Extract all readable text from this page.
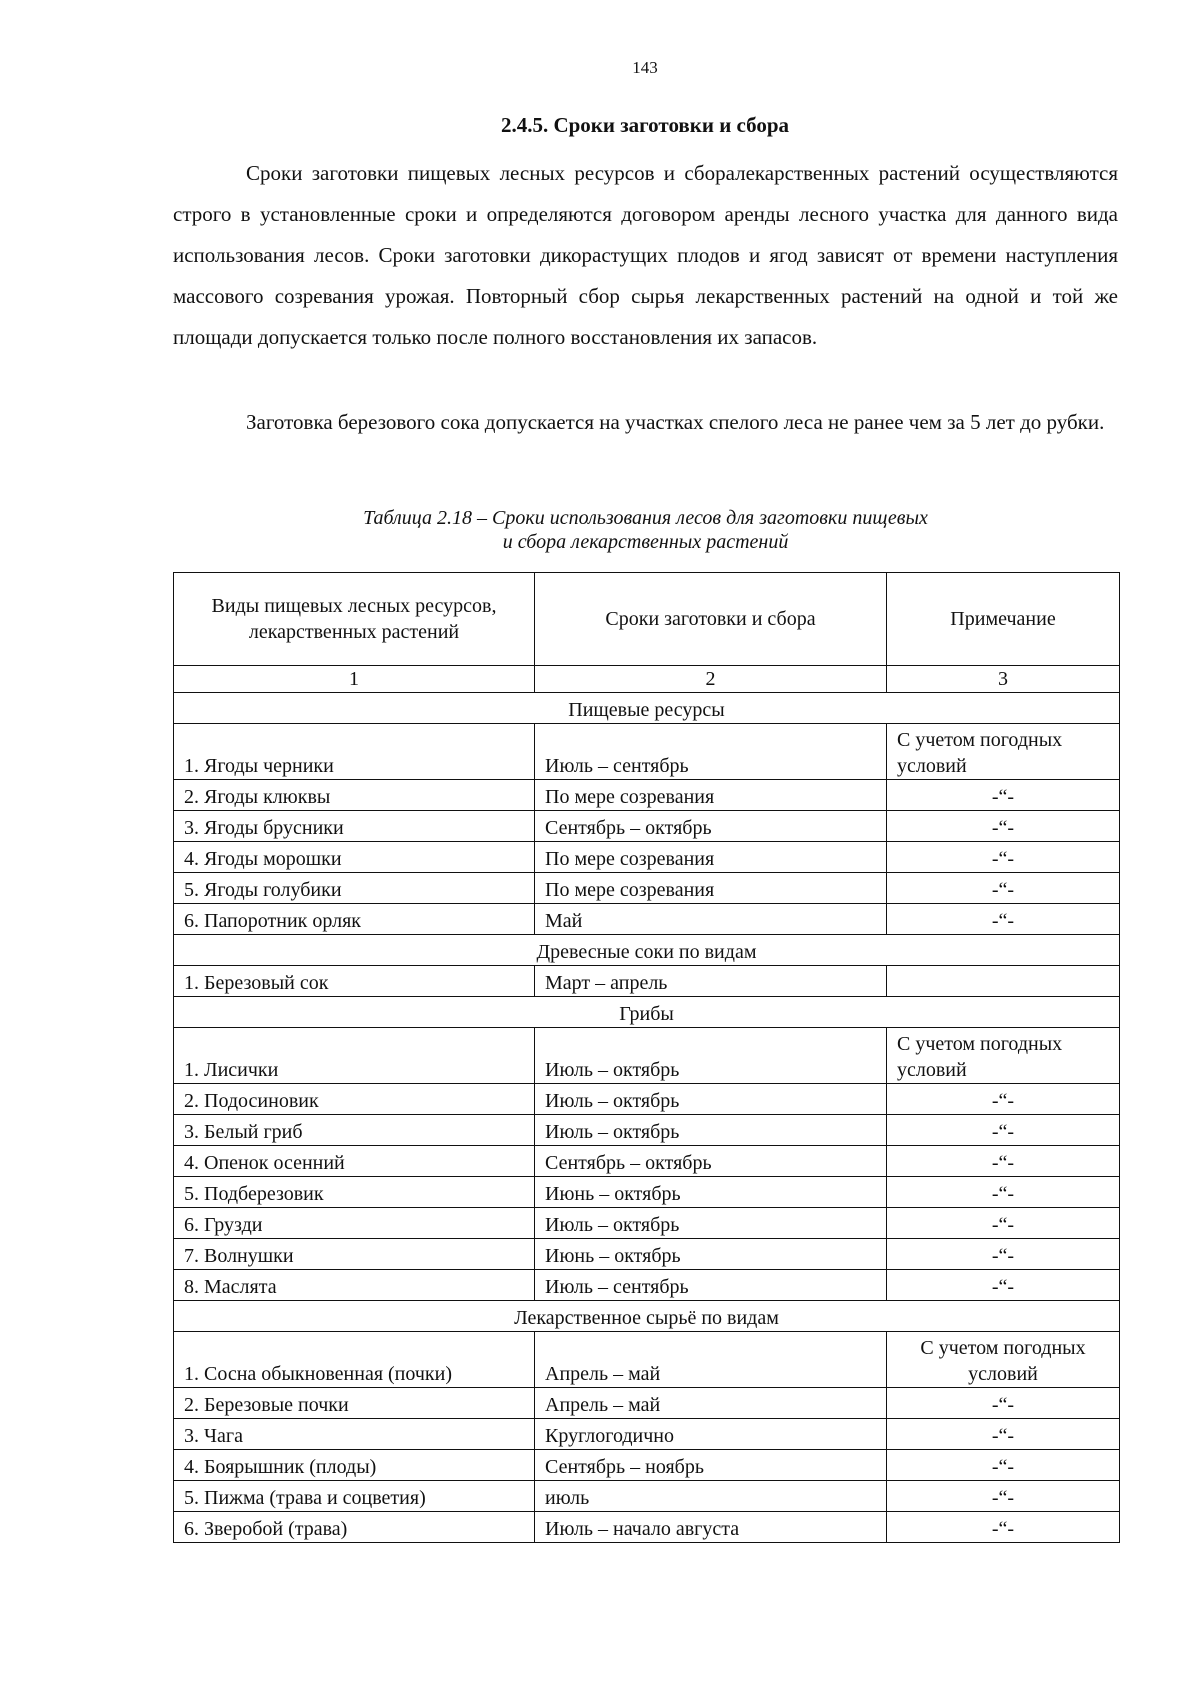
143
2.4.5. Сроки заготовки и сбора

Сроки заготовки пищевых лесных ресурсов и сборалекарственных растений осуществляются строго в установленные сроки и определяются договором аренды лесного участка для данного вида использования лесов. Сроки заготовки дикорастущих плодов и ягод зависят от времени наступления массового созревания урожая. Повторный сбор сырья лекарственных растений на одной и той же площади допускается только после полного восстановления их запасов.

Заготовка березового сока допускается на участках спелого леса не ранее чем за 5 лет до рубки.

Таблица 2.18 – Сроки использования лесов для заготовки пищевых
и сбора лекарственных растений
Виды пищевых лесных ресурсов, лекарственных растений	Сроки заготовки и сбора	Примечание
1	2	3
Пищевые ресурсы		
1. Ягоды черники	Июль – сентябрь	С учетом погодных условий
2. Ягоды клюквы	По мере созревания	-“-
3. Ягоды брусники	Сентябрь – октябрь	-“-
4. Ягоды морошки	По мере созревания	-“-
5. Ягоды голубики	По мере созревания	-“-
6. Папоротник орляк	Май	-“-
Древесные соки по видам		
1. Березовый сок	Март – апрель	
Грибы		
1. Лисички	Июль – октябрь	С учетом погодных условий
2. Подосиновик	Июль – октябрь	-“-
3. Белый гриб	Июль – октябрь	-“-
4. Опенок осенний	Сентябрь – октябрь	-“-
5. Подберезовик	Июнь – октябрь	-“-
6. Грузди	Июль – октябрь	-“-
7. Волнушки	Июнь – октябрь	-“-
8. Маслята	Июль – сентябрь	-“-
Лекарственное сырьё по видам		
1. Сосна обыкновенная (почки)	Апрель – май	С учетом погодных условий
2. Березовые почки	Апрель – май	-“-
3. Чага	Круглогодично	-“-
4. Боярышник (плоды)	Сентябрь – ноябрь	-“-
5. Пижма (трава и соцветия)	июль	-“-
6. Зверобой (трава)	Июль – начало августа	-“-
